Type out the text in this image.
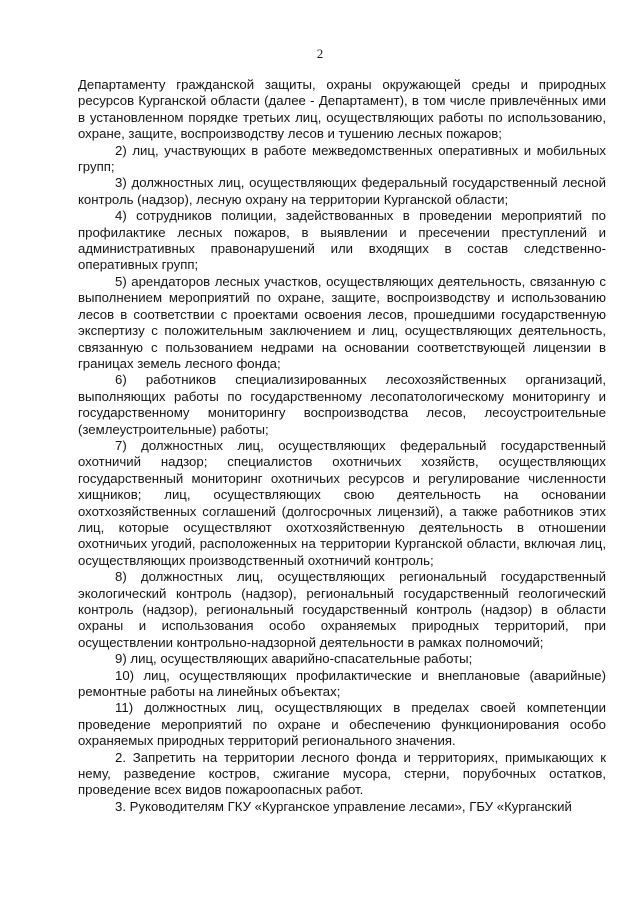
2

Департаменту гражданской защиты, охраны окружающей среды и природных ресурсов Курганской области (далее - Департамент), в том числе привлечённых ими в установленном порядке третьих лиц, осуществляющих работы по использованию, охране, защите, воспроизводству лесов и тушению лесных пожаров;

2) лиц, участвующих в работе межведомственных оперативных и мобильных групп;

3) должностных лиц, осуществляющих федеральный государственный лесной контроль (надзор), лесную охрану на территории Курганской области;

4) сотрудников полиции, задействованных в проведении мероприятий по профилактике лесных пожаров, в выявлении и пресечении преступлений и административных правонарушений или входящих в состав следственно-оперативных групп;

5) арендаторов лесных участков, осуществляющих деятельность, связанную с выполнением мероприятий по охране, защите, воспроизводству и использованию лесов в соответствии с проектами освоения лесов, прошедшими государственную экспертизу с положительным заключением и лиц, осуществляющих деятельность, связанную с пользованием недрами на основании соответствующей лицензии в границах земель лесного фонда;

6) работников специализированных лесохозяйственных организаций, выполняющих работы по государственному лесопатологическому мониторингу и государственному мониторингу воспроизводства лесов, лесоустроительные (землеустроительные) работы;

7) должностных лиц, осуществляющих федеральный государственный охотничий надзор; специалистов охотничьих хозяйств, осуществляющих государственный мониторинг охотничьих ресурсов и регулирование численности хищников; лиц, осуществляющих свою деятельность на основании охотхозяйственных соглашений (долгосрочных лицензий), а также работников этих лиц, которые осуществляют охотхозяйственную деятельность в отношении охотничьих угодий, расположенных на территории Курганской области, включая лиц, осуществляющих производственный охотничий контроль;

8) должностных лиц, осуществляющих региональный государственный экологический контроль (надзор), региональный государственный геологический контроль (надзор), региональный государственный контроль (надзор) в области охраны и использования особо охраняемых природных территорий, при осуществлении контрольно-надзорной деятельности в рамках полномочий;

9) лиц, осуществляющих аварийно-спасательные работы;

10) лиц, осуществляющих профилактические и внеплановые (аварийные) ремонтные работы на линейных объектах;

11) должностных лиц, осуществляющих в пределах своей компетенции проведение мероприятий по охране и обеспечению функционирования особо охраняемых природных территорий регионального значения.

2. Запретить на территории лесного фонда и территориях, примыкающих к нему, разведение костров, сжигание мусора, стерни, порубочных остатков, проведение всех видов пожароопасных работ.

3. Руководителям ГКУ «Курганское управление лесами», ГБУ «Курганский
